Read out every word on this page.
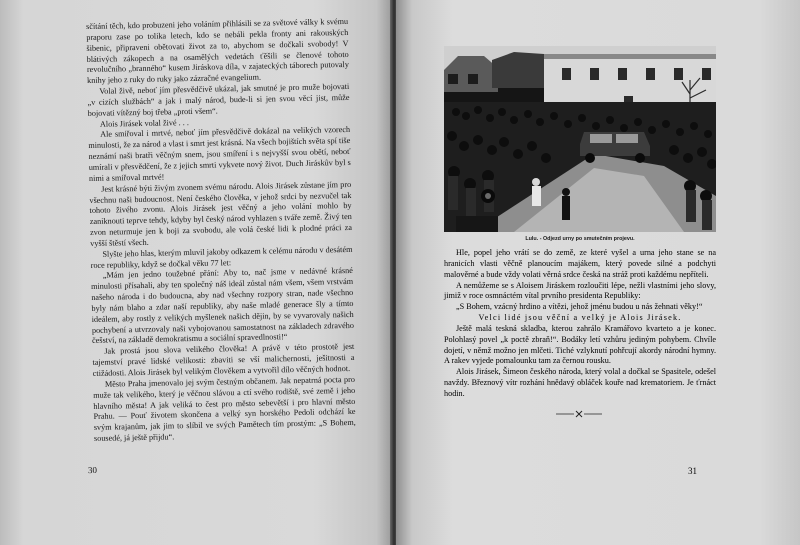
sčítání těch, kdo probuzeni jeho voláním přihlásili se za světové války k svému praporu zase po tolika letech, kdo se nebáli pekla fronty ani rakouských šibenic, připraveni obětovati život za to, abychom se dočkali svobody! V blátivých zákopech a na osamělých vedetách ťěšili se členové tohoto revolučního „branného“ kusem Jiráskova díla, v zajateckých táborech putovaly knihy jeho z ruky do ruky jako zázračné evangelium.

Volal živě, neboť jím přesvědčivě ukázal, jak smutné je pro muže bojovati „v cizích službách“ a jak i malý národ, bude-li si jen svou věcí jist, může bojovati vítězný boj třeba „proti všem“.

Alois Jirásek volal živé . . .

Ale smiřoval i mrtvé, neboť jím přesvědčivě dokázal na velikých vzorech minulosti, že za národ a vlast i smrt jest krásná. Na všech bojištích světa spí tiše neznámí naši bratři věčným snem, jsou smíření i s nejvyšší svou obětí, neboť umírali v přesvědčení, že z jejich smrti vykvete nový život. Duch Jiráskův byl s nimi a smiřoval mrtvé!

Jest krásné býti živým zvonem svému národu. Alois Jirásek zůstane jím pro všechnu naši budoucnost. Není českého člověka, v jehož srdci by nezvučel tak tohoto živého zvonu. Alois Jirásek jest věčný a jeho volání mohlo by zaniknouti teprve tehdy, kdyby byl český národ vyhlazen s tváře země. Živý ten zvon neturmuje jen k boji za svobodu, ale volá české lidi k plodné práci za vyšší štěstí všech.

Slyšte jeho hlas, kterým mluvil jakoby odkazem k celému národu v desátém roce republiky, když se dočkal věku 77 let:

„Mám jen jedno toužebné přání: Aby to, nač jsme v nedávné krásné minulosti přísahali, aby ten společný náš ideál zůstal nám všem, všem vrstvám našeho národa i do budoucna, aby nad všechny rozpory stran, nade všechno byly nám blaho a zdar naší republiky, aby naše mladé generace šly a tímto ideálem, aby rostly z velikých myšlenek našich dějin, by se vyvarovaly našich pochybení a utvrzovaly naši vybojovanou samostatnost na základech zdravého češství, na základě demokratismu a sociální spravedlnosti!“

Jak prostá jsou slova velikého člověka! A právě v této prostotě jest tajemství pravé lidské velikosti: zbaviti se vší malichernosti, ješitnosti a ctižádosti. Alois Jirásek byl velikým člověkem a vytvořil dílo věčných hodnot.

Město Praha jmenovalo jej svým čestným občanem. Jak nepatrná pocta pro muže tak velikého, který je věčnou slávou a ctí svého rodiště, své země i jeho hlavního města! A jak veliká to čest pro město sebevětší i pro hlavní město Prahu. — Pouť životem skončena a velký syn horského Pedoli odchází ke svým krajanům, jak jim to slíbil ve svých Pamětech tím prostým: „S Bohem, sousedé, já ještě přijdu“.

30
Lulu. - Odjezd urny po smutečním projevu.

Hle, popel jeho vrátí se do země, ze které vyšel a urna jeho stane se na hranicích vlasti věčně planoucím majákem, který povede silné a podchyti malověrné a bude vždy volati věrná srdce česká na stráž proti každému nepříteli.

A nemůžeme se s Aloisem Jiráskem rozloučiti lépe, nežli vlastními jeho slovy, jimiž v roce osmnáctém vítal prvního presidenta Republiky:

„S Bohem, vzácný hrdino a vítězi, jehož jménu budou u nás žehnati věky!“

Velci lidé jsou věční a velký je Alois Jirásek.

Ještě malá teskná skladba, kterou zahrálo Kramářovo kvarteto a je konec. Polohlasý povel „k poctě zbraň!“. Bodáky letí vzhůru jediným pohybem. Chvíle dojetí, v němž možno jen mlčeti. Tiché vzlyknutí pohřcují akordy národní hymny. A rakev vyjede pomalounku tam za černou rousku.

Alois Jirásek, Šimeon českého národa, který volal a dočkal se Spasitele, odešel navždy. Březnový vítr rozhání hnědavý obláček kouře nad krematoriem. Je ťrnáct hodin.

——✕——
31
